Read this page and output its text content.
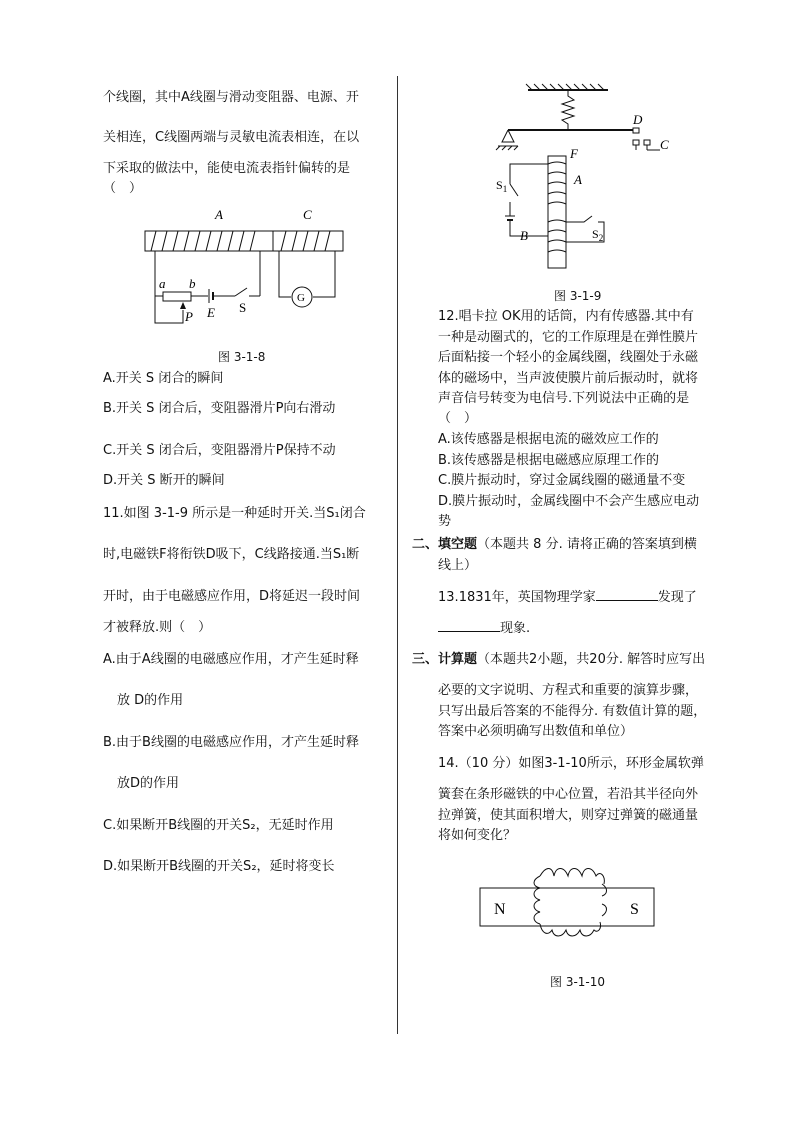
个线圈，其中A线圈与滑动变阻器、电源、开
关相连，C线圈两端与灵敏电流表相连，在以
下采取的做法中，能使电流表指针偏转的是
（　）
A	C
a b
E S
P
G
图 3-1-8
A.开关 S 闭合的瞬间
B.开关 S 闭合后，变阻器滑片P向右滑动
C.开关 S 闭合后，变阻器滑片P保持不动
D.开关 S 断开的瞬间
11.如图 3-1-9 所示是一种延时开关.当S₁闭合
时,电磁铁F将衔铁D吸下，C线路接通.当S₁断
开时，由于电磁感应作用，D将延迟一段时间
才被释放.则（　）
A.由于A线圈的电磁感应作用，才产生延时释
放 D的作用
B.由于B线圈的电磁感应作用，才产生延时释
放D的作用
C.如果断开B线圈的开关S₂，无延时作用
D.如果断开B线圈的开关S₂，延时将变长
D
C
F
A
B
$S_1$
$S_2$
图 3-1-9
12.唱卡拉 OK用的话筒，内有传感器.其中有
一种是动圈式的，它的工作原理是在弹性膜片
后面粘接一个轻小的金属线圈，线圈处于永磁
体的磁场中，当声波使膜片前后振动时，就将
声音信号转变为电信号.下列说法中正确的是
（　）
A.该传感器是根据电流的磁效应工作的
B.该传感器是根据电磁感应原理工作的
C.膜片振动时，穿过金属线圈的磁通量不变
D.膜片振动时，金属线圈中不会产生感应电动
势
二、填空题（本题共 8 分. 请将正确的答案填到横
线上）
13.1831年，英国物理学家	发现了
现象.
三、计算题（本题共2小题，共20分. 解答时应写出
必要的文字说明、方程式和重要的演算步骤，
只写出最后答案的不能得分. 有数值计算的题，
答案中必须明确写出数值和单位）
14.（10 分）如图3-1-10所示，环形金属软弹
簧套在条形磁铁的中心位置，若沿其半径向外
拉弹簧，使其面积增大，则穿过弹簧的磁通量
将如何变化？
N	S
图 3-1-10
